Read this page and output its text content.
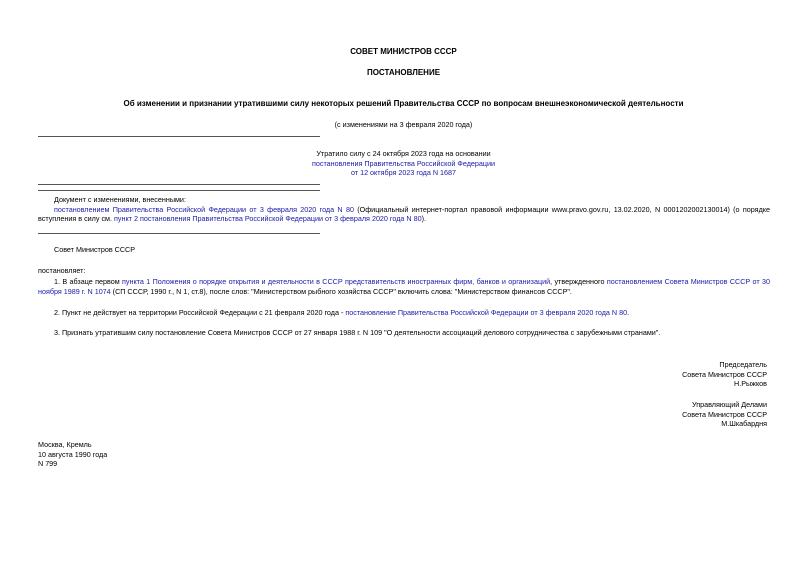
СОВЕТ МИНИСТРОВ СССР
ПОСТАНОВЛЕНИЕ
Об изменении и признании утратившими силу некоторых решений Правительства СССР по вопросам внешнеэкономической деятельности
(с изменениями на 3 февраля 2020 года)
Утратило силу с 24 октября 2023 года на основании
постановления Правительства Российской Федерации
от 12 октября 2023 года N 1687
Документ с изменениями, внесенными:
постановлением Правительства Российской Федерации от 3 февраля 2020 года N 80 (Официальный интернет-портал правовой информации www.pravo.gov.ru, 13.02.2020, N 0001202002130014) (о порядке вступления в силу см. пункт 2 постановления Правительства Российской Федерации от 3 февраля 2020 года N 80).
Совет Министров СССР
постановляет:
1. В абзаце первом пункта 1 Положения о порядке открытия и деятельности в СССР представительств иностранных фирм, банков и организаций, утвержденного постановлением Совета Министров СССР от 30 ноября 1989 г. N 1074 (СП СССР, 1990 г., N 1, ст.8), после слов: "Министерством рыбного хозяйства СССР" включить слова: "Министерством финансов СССР".
2. Пункт не действует на территории Российской Федерации с 21 февраля 2020 года - постановление Правительства Российской Федерации от 3 февраля 2020 года N 80.
3. Признать утратившим силу постановление Совета Министров СССР от 27 января 1988 г. N 109 "О деятельности ассоциаций делового сотрудничества с зарубежными странами".
Председатель
Совета Министров СССР
Н.Рыжков
Управляющий Делами
Совета Министров СССР
М.Шкабардня
Москва, Кремль
10 августа 1990 года
N 799
